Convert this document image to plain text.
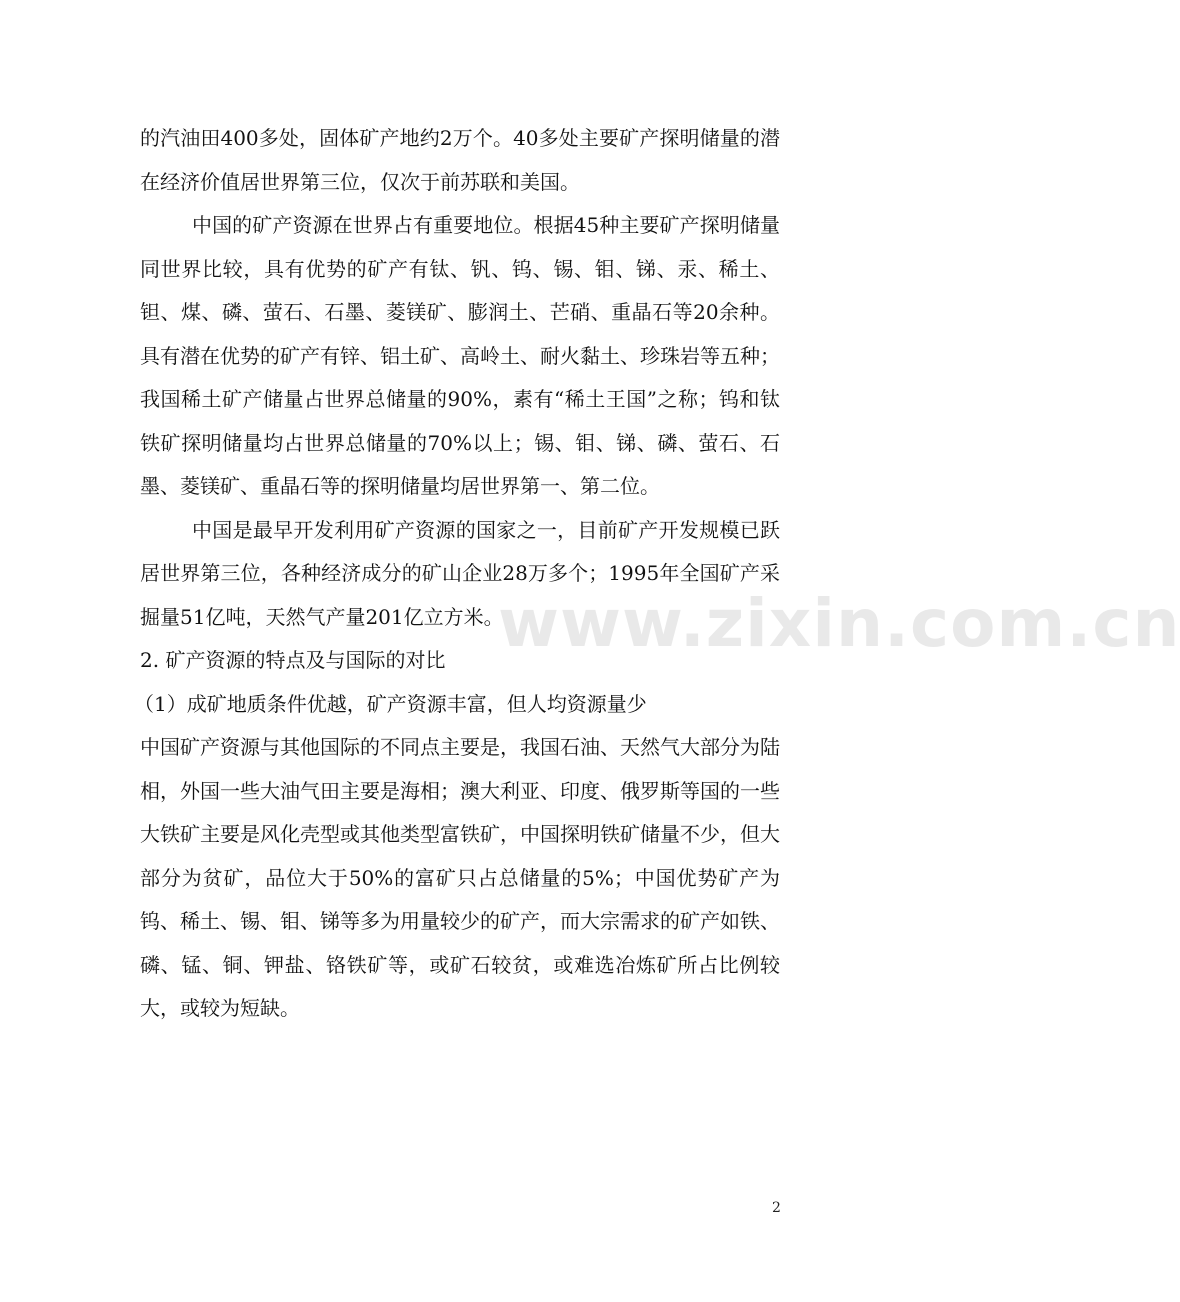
的汽油田400多处，固体矿产地约2万个。40多处主要矿产探明储量的潜在经济价值居世界第三位，仅次于前苏联和美国。

中国的矿产资源在世界占有重要地位。根据45种主要矿产探明储量同世界比较，具有优势的矿产有钛、钒、钨、锡、钼、锑、汞、稀土、钽、煤、磷、萤石、石墨、菱镁矿、膨润土、芒硝、重晶石等20余种。具有潜在优势的矿产有锌、铝土矿、高岭土、耐火黏土、珍珠岩等五种；我国稀土矿产储量占世界总储量的90%，素有“稀土王国”之称；钨和钛铁矿探明储量均占世界总储量的70%以上；锡、钼、锑、磷、萤石、石墨、菱镁矿、重晶石等的探明储量均居世界第一、第二位。

中国是最早开发利用矿产资源的国家之一，目前矿产开发规模已跃居世界第三位，各种经济成分的矿山企业28万多个；1995年全国矿产采掘量51亿吨，天然气产量201亿立方米。

2. 矿产资源的特点及与国际的对比

（1）成矿地质条件优越，矿产资源丰富，但人均资源量少

中国矿产资源与其他国际的不同点主要是，我国石油、天然气大部分为陆相，外国一些大油气田主要是海相；澳大利亚、印度、俄罗斯等国的一些大铁矿主要是风化壳型或其他类型富铁矿，中国探明铁矿储量不少，但大部分为贫矿，品位大于50%的富矿只占总储量的5%；中国优势矿产为钨、稀土、锡、钼、锑等多为用量较少的矿产，而大宗需求的矿产如铁、磷、锰、铜、钾盐、铬铁矿等，或矿石较贫，或难选冶炼矿所占比例较大，或较为短缺。

www.zixin.com.cn
2
